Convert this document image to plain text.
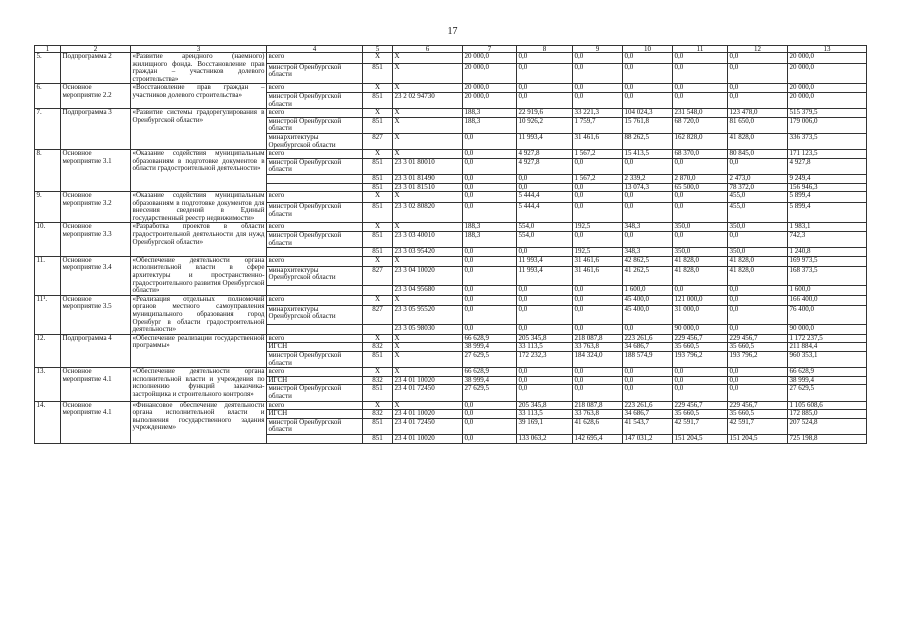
17
1	2	3	4	5	6	7	8	9	10	11	12	13
5.	Подпрограмма 2	«Развитие арендного (наемного) жилищного фонда. Восстановление прав граждан – участников долевого строительства»	всего	X	X	20 000,0	0,0	0,0	0,0	0,0	0,0	20 000,0
			минстрой Оренбургской области	851	X	20 000,0	0,0	0,0	0,0	0,0	0,0	20 000,0
6.	Основное мероприятие 2.2	«Восстановление прав граждан – участников долевого строительства»	всего	X	X	20 000,0	0,0	0,0	0,0	0,0	0,0	20 000,0
			минстрой Оренбургской области	851	23 2 02 94730	20 000,0	0,0	0,0	0,0	0,0	0,0	20 000,0
7.	Подпрограмма 3	«Развитие системы градорегулирования в Оренбургской области»	всего	X	X	188,3	22 919,6	33 221,3	104 024,3	231 548,0	123 478,0	515 379,5
			минстрой Оренбургской области	851	X	188,3	10 926,2	1 759,7	15 761,8	68 720,0	81 650,0	179 006,0
			минархитектуры Оренбургской области	827	X	0,0	11 993,4	31 461,6	88 262,5	162 828,0	41 828,0	336 373,5
8.	Основное мероприятие 3.1	«Оказание содействия муниципальным образованиям в подготовке документов в области градостроительной деятельности»	всего	X	X	0,0	4 927,8	1 567,2	15 413,5	68 370,0	80 845,0	171 123,5
			минстрой Оренбургской области	851	23 3 01 80010	0,0	4 927,8	0,0	0,0	0,0	0,0	4 927,8
				851	23 3 01 81490	0,0	0,0	1 567,2	2 339,2	2 870,0	2 473,0	9 249,4
				851	23 3 01 81510	0,0	0,0	0,0	13 074,3	65 500,0	78 372,0	156 946,3
9.	Основное мероприятие 3.2	«Оказание содействия муниципальным образованиям в подготовке документов для внесения сведений в Единый государственный реестр недвижимости»	всего	X	X	0,0	5 444,4	0,0	0,0	0,0	455,0	5 899,4
			минстрой Оренбургской области	851	23 3 02 80820	0,0	5 444,4	0,0	0,0	0,0	455,0	5 899,4
10.	Основное мероприятие 3.3	«Разработка проектов в области градостроительной деятельности для нужд Оренбургской области»	всего	X	X	188,3	554,0	192,5	348,3	350,0	350,0	1 983,1
			минстрой Оренбургской области	851	23 3 03 40010	188,3	554,0	0,0	0,0	0,0	0,0	742,3
				851	23 3 03 95420	0,0	0,0	192,5	348,3	350,0	350,0	1 240,8
11.	Основное мероприятие 3.4	«Обеспечение деятельности органа исполнительной власти в сфере архитектуры и пространственно-градостроительного развития Оренбургской области»	всего	X	X	0,0	11 993,4	31 461,6	42 862,5	41 828,0	41 828,0	169 973,5
			минархитектуры Оренбургской области	827	23 3 04 10020	0,0	11 993,4	31 461,6	41 262,5	41 828,0	41 828,0	168 373,5
					23 3 04 95680	0,0	0,0	0,0	1 600,0	0,0	0,0	1 600,0
11¹.	Основное мероприятие 3.5	«Реализация отдельных полномочий органов местного самоуправления муниципального образования город Оренбург в области градостроительной деятельности»	всего	X	X	0,0	0,0	0,0	45 400,0	121 000,0	0,0	166 400,0
			минархитектуры Оренбургской области	827	23 3 05 95520	0,0	0,0	0,0	45 400,0	31 000,0	0,0	76 400,0
					23 3 05 98030	0,0	0,0	0,0	0,0	90 000,0	0,0	90 000,0
12.	Подпрограмма 4	«Обеспечение реализации государственной программы»	всего	X	X	66 628,9	205 345,8	218 087,8	223 261,6	229 456,7	229 456,7	1 172 237,5
			ИГСН	832	X	38 999,4	33 113,5	33 763,8	34 686,7	35 660,5	35 660,5	211 884,4
			минстрой Оренбургской области	851	X	27 629,5	172 232,3	184 324,0	188 574,9	193 796,2	193 796,2	960 353,1
13.	Основное мероприятие 4.1	«Обеспечение деятельности органа исполнительной власти и учреждения по исполнению функций заказчика-застройщика и строительного контроля»	всего	X	X	66 628,9	0,0	0,0	0,0	0,0	0,0	66 628,9
			ИГСН	832	23 4 01 10020	38 999,4	0,0	0,0	0,0	0,0	0,0	38 999,4
			минстрой Оренбургской области	851	23 4 01 72450	27 629,5	0,0	0,0	0,0	0,0	0,0	27 629,5
14.	Основное мероприятие 4.1	«Финансовое обеспечение деятельности органа исполнительной власти и выполнения государственного задания учреждением»	всего	X	X	0,0	205 345,8	218 087,8	223 261,6	229 456,7	229 456,7	1 105 608,6
			ИГСН	832	23 4 01 10020	0,0	33 113,5	33 763,8	34 686,7	35 660,5	35 660,5	172 885,0
			минстрой Оренбургской области	851	23 4 01 72450	0,0	39 169,1	41 628,6	41 543,7	42 591,7	42 591,7	207 524,8
				851	23 4 01 10020	0,0	133 063,2	142 695,4	147 031,2	151 204,5	151 204,5	725 198,8
